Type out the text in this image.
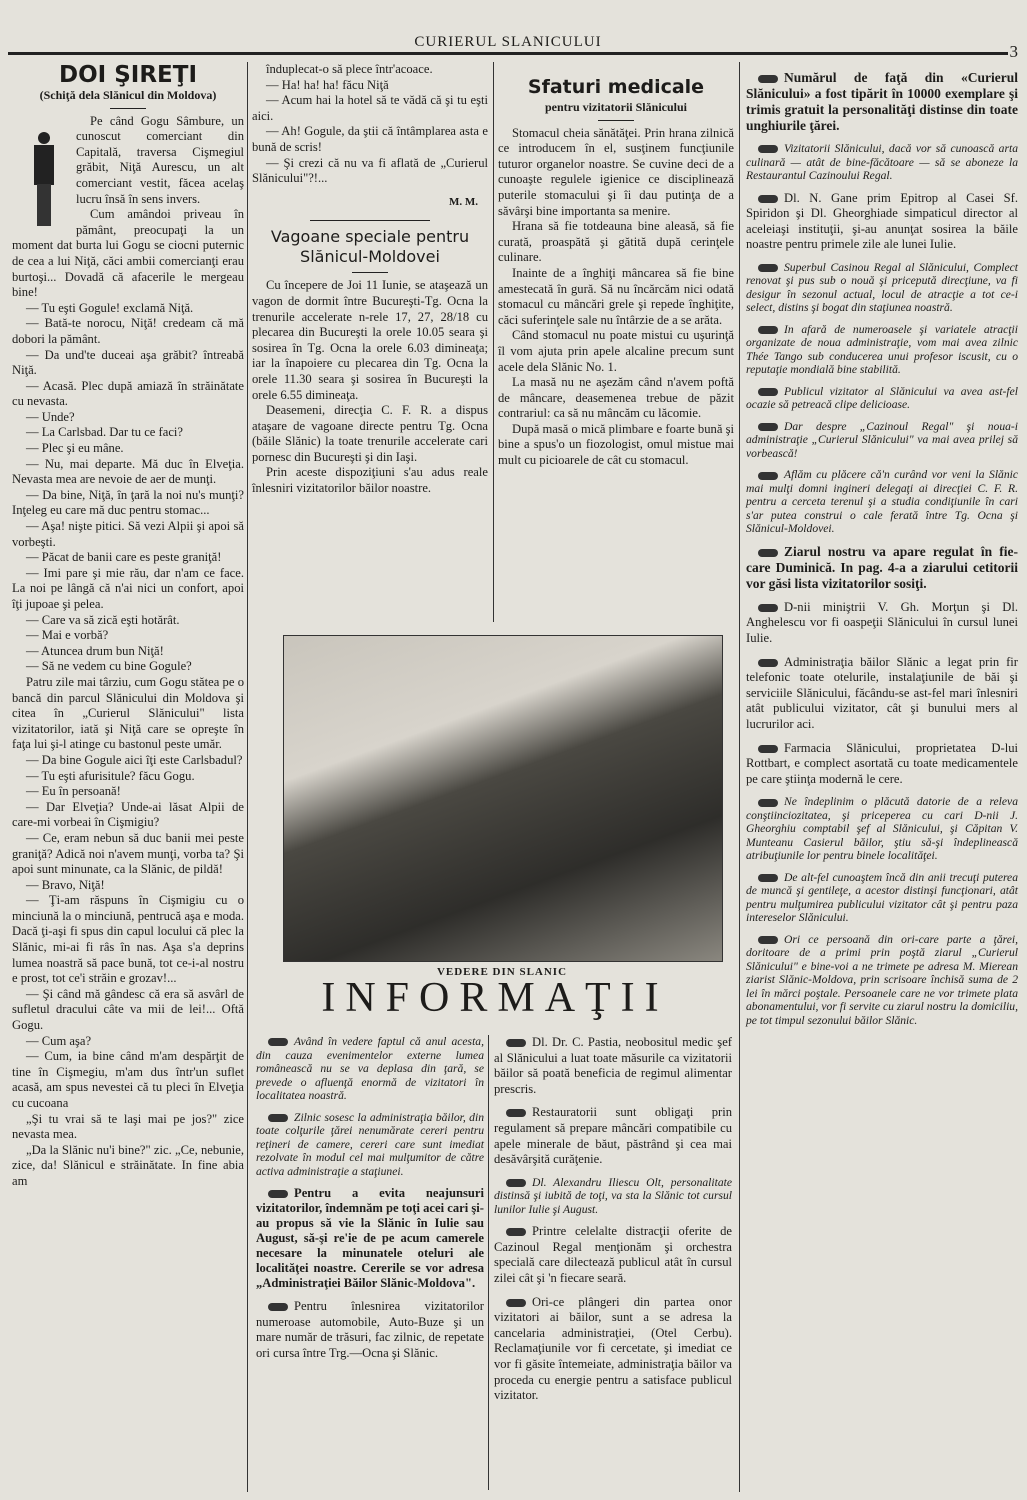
CURIERUL SLANICULUI	3
DOI ŞIREŢI
(Schiţă dela Slănicul din Moldova)

Pe când Gogu Sâmbure, un cunoscut comerciant din Capitală, traversa Cişmegiul grăbit, Niţă Aurescu, un alt comerciant vestit, făcea acelaş lucru însă în sens invers.

Cum amândoi priveau în pământ, preocupaţi la un moment dat burta lui Gogu se ciocni puternic de cea a lui Niţă, căci ambii comercianţi erau burtoşi... Dovadă că afacerile le mergeau bine!

— Tu eşti Gogule! exclamă Niţă.

— Bată-te norocu, Niţă! credeam că mă dobori la pământ.

— Da und'te duceai aşa grăbit? întreabă Niţă.

— Acasă. Plec după amiază în străinătate cu nevasta.

— Unde?

— La Carlsbad. Dar tu ce faci?

— Plec şi eu mâne.

— Nu, mai departe. Mă duc în Elveţia. Nevasta mea are nevoie de aer de munţi.

— Da bine, Niţă, în ţară la noi nu's munţi? Inţeleg eu care mă duc pentru stomac...

— Aşa! nişte pitici. Să vezi Alpii şi apoi să vorbeşti.

— Păcat de banii care es peste graniţă!

— Imi pare şi mie rău, dar n'am ce face. La noi pe lângă că n'ai nici un confort, apoi îţi jupoae şi pelea.

— Care va să zică eşti hotărât.

— Mai e vorbă?

— Atuncea drum bun Niţă!

— Să ne vedem cu bine Gogule?

Patru zile mai târziu, cum Gogu stătea pe o bancă din parcul Slănicului din Moldova şi citea în „Curierul Slănicului" lista vizitatorilor, iată şi Niţă care se opreşte în faţa lui şi-l atinge cu bastonul peste umăr.

— Da bine Gogule aici îţi este Carlsbadul?

— Tu eşti afurisitule? făcu Gogu.

— Eu în persoană!

— Dar Elveţia? Unde-ai lăsat Alpii de care-mi vorbeai în Cişmigiu?

— Ce, eram nebun să duc banii mei peste graniţă? Adică noi n'avem munţi, vorba ta? Şi apoi sunt minunate, ca la Slănic, de pildă!

— Bravo, Niţă!

— Ţi-am răspuns în Cişmigiu cu o minciună la o minciună, pentrucă aşa e moda. Dacă ţi-aşi fi spus din capul locului că plec la Slănic, mi-ai fi râs în nas. Aşa s'a deprins lumea noastră să pace bună, tot ce-i-al nostru e prost, tot ce'i străin e grozav!...

— Şi când mă gândesc că era să asvârl de sufletul dracului câte va mii de lei!... Oftă Gogu.

— Cum aşa?

— Cum, ia bine când m'am despărţit de tine în Cişmegiu, m'am dus într'un suflet acasă, am spus nevestei că tu pleci în Elveţia cu cucoana

„Şi tu vrai să te laşi mai pe jos?" zice nevasta mea.

„Da la Slănic nu'i bine?" zic. „Ce, nebunie, zice, da! Slănicul e străinătate. In fine abia am

înduplecat-o să plece într'acoace.

— Ha! ha! ha! făcu Niţă

— Acum hai la hotel să te vădă că şi tu eşti aici.

— Ah! Gogule, da ştii că întâmplarea asta e bună de scris!

— Şi crezi că nu va fi aflată de „Curierul Slănicului"?!...

M. M.
Vagoane speciale pentru Slănicul-Moldovei

Cu începere de Joi 11 Iunie, se ataşează un vagon de dormit între Bucureşti-Tg. Ocna la trenurile accelerate n-rele 17, 27, 28/18 cu plecarea din Bucureşti la orele 10.05 seara şi sosirea în Tg. Ocna la orele 6.03 dimineaţa; iar la înapoiere cu plecarea din Tg. Ocna la orele 11.30 seara şi sosirea în Bucureşti la orele 6.55 dimineaţa.

Deasemeni, direcţia C. F. R. a dispus ataşare de vagoane directe pentru Tg. Ocna (băile Slănic) la toate trenurile accelerate cari pornesc din Bucureşti şi din Iaşi.

Prin aceste dispoziţiuni s'au adus reale înlesniri vizitatorilor băilor noastre.

Sfaturi medicale
pentru vizitatorii Slănicului

Stomacul cheia sănătăţei. Prin hrana zilnică ce introducem în el, susţinem funcţiunile tuturor organelor noastre. Se cuvine deci de a cunoaşte regulele igienice ce disciplinează puterile stomacului şi îi dau putinţa de a săvârşi bine importanta sa menire.

Hrana să fie totdeauna bine aleasă, să fie curată, proaspătă şi gătită după cerinţele culinare.

Inainte de a înghiţi mâncarea să fie bine amestecată în gură. Să nu încărcăm nici odată stomacul cu mâncări grele şi repede înghiţite, căci suferinţele sale nu întârzie de a se arăta.

Când stomacul nu poate mistui cu uşurinţă îl vom ajuta prin apele alcaline precum sunt acele dela Slănic No. 1.

La masă nu ne aşezăm când n'avem poftă de mâncare, deasemenea trebue de păzit contrariul: ca să nu mâncăm cu lăcomie.

După masă o mică plimbare e foarte bună şi bine a spus'o un fiozologist, omul mistue mai mult cu picioarele de cât cu stomacul.

VEDERE DIN SLANIC
INFORMAŢII
Având în vedere faptul că anul acesta, din cauza evenimentelor externe lumea românească nu se va deplasa din ţară, se prevede o afluenţă enormă de vizitatori în localitatea noastră.
Zilnic sosesc la administraţia băilor, din toate colţurile ţărei nenumărate cereri pentru reţineri de camere, cereri care sunt imediat rezolvate în modul cel mai mulţumitor de către activa administraţie a staţiunei.
Pentru a evita neajunsuri vizitatorilor, îndemnăm pe toţi acei cari şi-au propus să vie la Slănic în Iulie sau August, să-şi re'ie de pe acum camerele necesare la minunatele oteluri ale localităţei noastre. Cererile se vor adresa „Administraţiei Băilor Slănic-Moldova".
Pentru înlesnirea vizitatorilor numeroase automobile, Auto-Buze şi un mare număr de trăsuri, fac zilnic, de repetate ori cursa între Trg.—Ocna şi Slănic.
Dl. Dr. C. Pastia, neobositul medic şef al Slănicului a luat toate măsurile ca vizitatorii băilor să poată beneficia de regimul alimentar prescris.
Restauratorii sunt obligaţi prin regulament să prepare mâncări compatibile cu apele minerale de băut, păstrând şi cea mai desăvârşită curăţenie.
Dl. Alexandru Iliescu Olt, personalitate distinsă şi iubită de toţi, va sta la Slănic tot cursul lunilor Iulie şi August.
Printre celelalte distracţii oferite de Cazinoul Regal menţionăm şi orchestra specială care dilectează publicul atât în cursul zilei cât şi 'n fiecare seară.
Ori-ce plângeri din partea onor vizitatori ai băilor, sunt a se adresa la cancelaria administraţiei, (Otel Cerbu). Reclamaţiunile vor fi cercetate, şi imediat ce vor fi găsite întemeiate, administraţia băilor va proceda cu energie pentru a satisface publicul vizitator.
Numărul de faţă din «Curierul Slănicului» a fost tipărit în 10000 exemplare şi trimis gratuit la personalităţi distinse din toate unghiurile ţărei.
Vizitatorii Slănicului, dacă vor să cunoască arta culinară — atât de bine-făcătoare — să se aboneze la Restaurantul Cazinoului Regal.
Dl. N. Gane prim Epitrop al Casei Sf. Spiridon şi Dl. Gheorghiade simpaticul director al aceleiaşi instituţii, şi-au anunţat sosirea la băile noastre pentru primele zile ale lunei Iulie.
Superbul Casinou Regal al Slănicului, Complect renovat şi pus sub o nouă şi pricepută direcţiune, va fi desigur în sezonul actual, locul de atracţie a tot ce-i select, distins şi bogat din staţiunea noastră.
In afară de numeroasele şi variatele atracţii organizate de noua administraţie, vom mai avea zilnic Thée Tango sub conducerea unui profesor iscusit, cu o reputaţie mondială bine stabilită.
Publicul vizitator al Slănicului va avea ast-fel ocazie să petreacă clipe delicioase.
Dar despre „Cazinoul Regal" şi noua-i administraţie „Curierul Slănicului" va mai avea prilej să vorbească!
Aflăm cu plăcere că'n curând vor veni la Slănic mai mulţi domni ingineri delegaţi ai direcţiei C. F. R. pentru a cerceta terenul şi a studia condiţiunile în cari s'ar putea construi o cale ferată între Tg. Ocna şi Slănicul-Moldovei.
Ziarul nostru va apare regulat în fie-care Duminică. In pag. 4-a a ziarului cetitorii vor găsi lista vizitatorilor sosiţi.
D-nii miniştrii V. Gh. Morţun şi Dl. Anghelescu vor fi oaspeţii Slănicului în cursul lunei Iulie.
Administraţia băilor Slănic a legat prin fir telefonic toate otelurile, instalaţiunile de băi şi serviciile Slănicului, făcându-se ast-fel mari înlesniri atât publicului vizitator, cât şi bunului mers al lucrurilor aci.
Farmacia Slănicului, proprietatea D-lui Rottbart, e complect asortată cu toate medicamentele pe care ştiinţa modernă le cere.
Ne îndeplinim o plăcută datorie de a releva conştiinciozitatea, şi priceperea cu cari D-nii J. Gheorghiu comptabil şef al Slănicului, şi Căpitan V. Munteanu Casierul băilor, ştiu să-şi îndeplinească atribuţiunile lor pentru binele localităţei.
De alt-fel cunoaştem încă din anii trecuţi puterea de muncă şi gentileţe, a acestor distinşi funcţionari, atât pentru mulţumirea publicului vizitator cât şi pentru paza intereselor Slănicului.
Ori ce persoană din ori-care parte a ţărei, doritoare de a primi prin poştă ziarul „Curierul Slănicului" e bine-voi a ne trimete pe adresa M. Mierean ziarist Slănic-Moldova, prin scrisoare închisă suma de 2 lei în mărci poştale. Persoanele care ne vor trimete plata abonamentului, vor fi servite cu ziarul nostru la domiciliu, pe tot timpul sezonului băilor Slănic.
